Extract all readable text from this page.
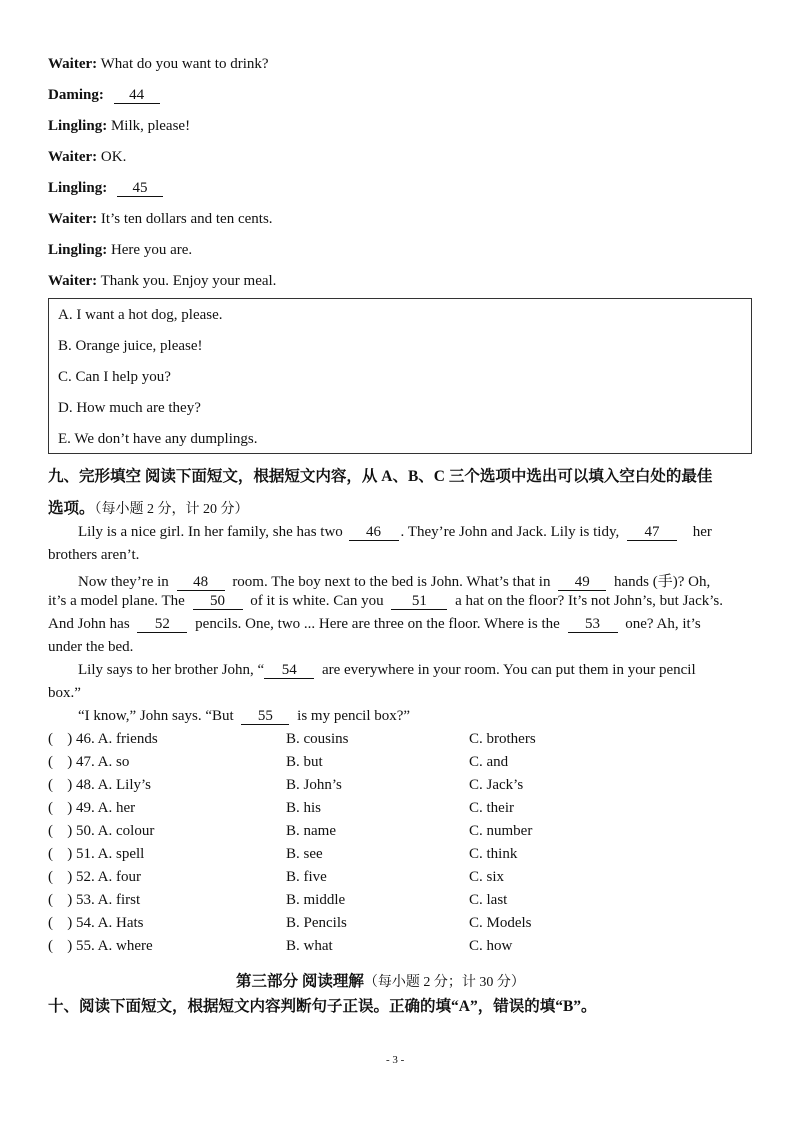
Waiter: What do you want to drink?
Daming: 44
Lingling: Milk, please!
Waiter: OK.
Lingling: 45
Waiter: It’s ten dollars and ten cents.
Lingling: Here you are.
Waiter: Thank you. Enjoy your meal.
A. I want a hot dog, please.
B. Orange juice, please!
C. Can I help you?
D. How much are they?
E. We don’t have any dumplings.
九、完形填空 阅读下面短文，根据短文内容，从 A、B、C 三个选项中选出可以填入空白处的最佳
选项。（每小题 2 分，计 20 分）
Lily is a nice girl. In her family, she has two 46 . They’re John and Jack. Lily is tidy, 47 her
brothers aren’t.
Now they’re in 48 room. The boy next to the bed is John. What’s that in 49 hands (手)? Oh,
it’s a model plane. The 50 of it is white. Can you 51 a hat on the floor? It’s not John’s, but Jack’s.
And John has 52 pencils. One, two ... Here are three on the floor. Where is the 53 one? Ah, it’s
under the bed.
Lily says to her brother John, “ 54 are everywhere in your room. You can put them in your pencil
box.”
“I know,” John says. “But 55 is my pencil box?”
( ) 46. A. friends	B. cousins	C. brothers
( ) 47. A. so	B. but	C. and
( ) 48. A. Lily’s	B. John’s	C. Jack’s
( ) 49. A. her	B. his	C. their
( ) 50. A. colour	B. name	C. number
( ) 51. A. spell	B. see	C. think
( ) 52. A. four	B. five	C. six
( ) 53. A. first	B. middle	C. last
( ) 54. A. Hats	B. Pencils	C. Models
( ) 55. A. where	B. what	C. how
第三部分 阅读理解（每小题 2 分；计 30 分）
十、阅读下面短文，根据短文内容判断句子正误。正确的填“A”，错误的填“B”。
- 3 -
